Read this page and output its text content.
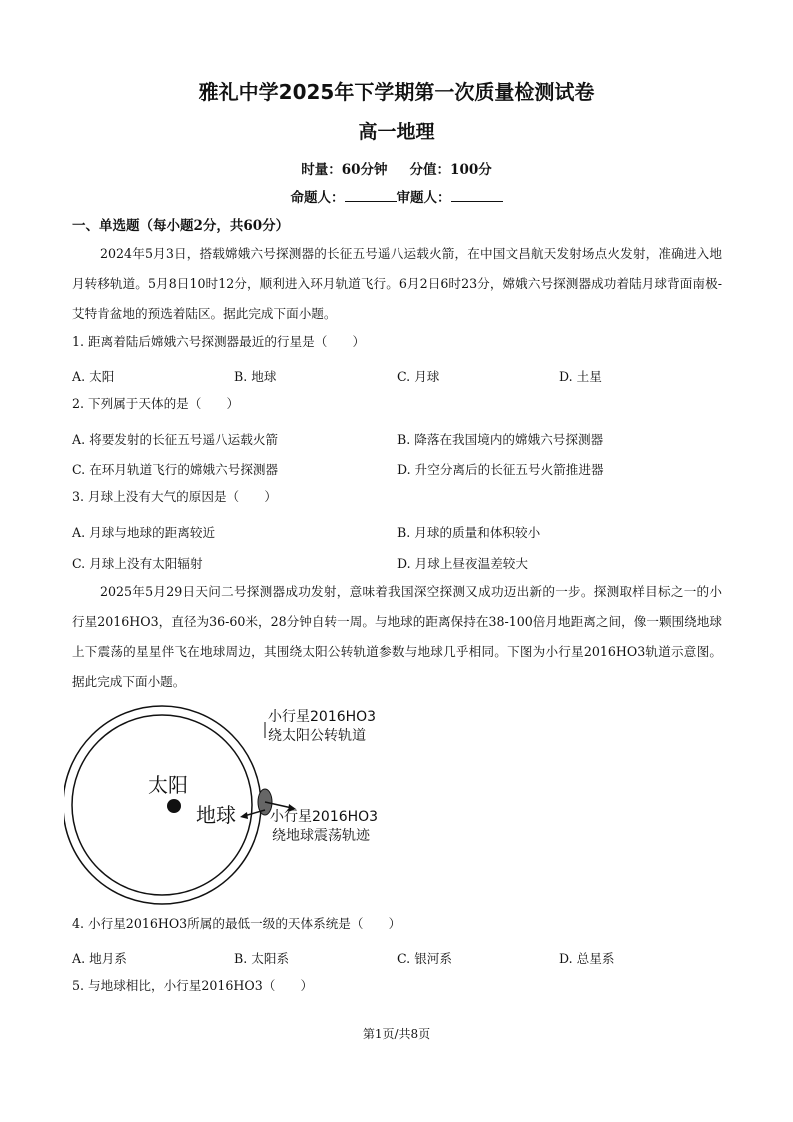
雅礼中学2025年下学期第一次质量检测试卷
高一地理
时量：60分钟 分值：100分
命题人：	审题人：
一、单选题（每小题2分，共60分）
2024年5月3日，搭载嫦娥六号探测器的长征五号遥八运载火箭，在中国文昌航天发射场点火发射，准确进入地月转移轨道。5月8日10时12分，顺利进入环月轨道飞行。6月2日6时23分，嫦娥六号探测器成功着陆月球背面南极-艾特肯盆地的预选着陆区。据此完成下面小题。
1. 距离着陆后嫦娥六号探测器最近的行星是（　　）
A. 太阳	B. 地球	C. 月球	D. 土星
2. 下列属于天体的是（　　）
A. 将要发射的长征五号遥八运载火箭	B. 降落在我国境内的嫦娥六号探测器
C. 在环月轨道飞行的嫦娥六号探测器	D. 升空分离后的长征五号火箭推进器
3. 月球上没有大气的原因是（　　）
A. 月球与地球的距离较近	B. 月球的质量和体积较小
C. 月球上没有太阳辐射	D. 月球上昼夜温差较大
2025年5月29日天问二号探测器成功发射，意味着我国深空探测又成功迈出新的一步。探测取样目标之一的小行星2016HO3，直径为36-60米，28分钟自转一周。与地球的距离保持在38-100倍月地距离之间，像一颗围绕地球上下震荡的星星伴飞在地球周边，其围绕太阳公转轨道参数与地球几乎相同。下图为小行星2016HO3轨道示意图。据此完成下面小题。
小行星2016HO3
绕太阳公转轨道
太阳
地球 小行星2016HO3
绕地球震荡轨迹
4. 小行星2016HO3所属的最低一级的天体系统是（　　）
A. 地月系	B. 太阳系	C. 银河系	D. 总星系
5. 与地球相比，小行星2016HO3（　　）
第1页/共8页
